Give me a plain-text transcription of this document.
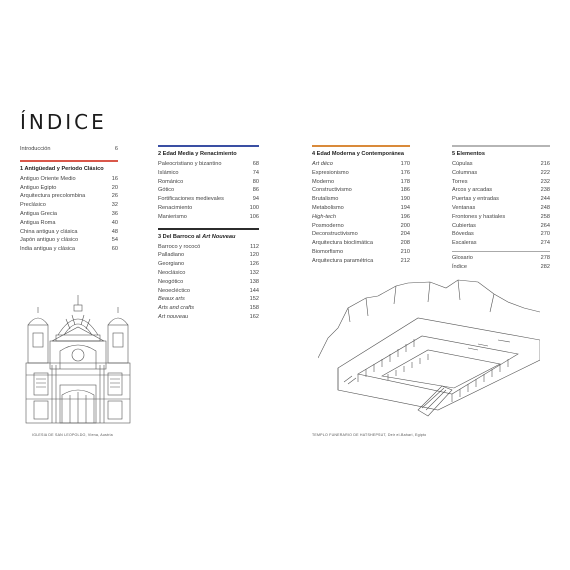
ÍNDICE
Introducción	6
1 Antigüedad y Periodo Clásico
Antiguo Oriente Medio	16
Antiguo Egipto	20
Arquitectura precolombina	26
Preclásico	32
Antigua Grecia	36
Antigua Roma	40
China antigua y clásica	48
Japón antiguo y clásico	54
India antigua y clásica	60
2 Edad Media y Renacimiento
Paleocristiano y bizantino	68
Islámico	74
Románico	80
Gótico	86
Fortificaciones medievales	94
Renacimiento	100
Manierismo	106
3 Del Barroco al Art Nouveau
Barroco y rococó	112
Palladiano	120
Georgiano	126
Neoclásico	132
Neogótico	138
Neoecléctico	144
Beaux arts	152
Arts and crafts	158
Art nouveau	162
4 Edad Moderna y Contemporánea
Art déco	170
Expresionismo	176
Moderno	178
Constructivismo	186
Brutalismo	190
Metabolismo	194
High-tech	196
Posmoderno	200
Deconstructivismo	204
Arquitectura bioclimática	208
Biomorfismo	210
Arquitectura paramétrica	212
5 Elementos
Cúpulas	216
Columnas	222
Torres	232
Arcos y arcadas	238
Puertas y entradas	244
Ventanas	248
Frontones y hastiales	258
Cubiertas	264
Bóvedas	270
Escaleras	274
Glosario	278
Índice	282
IGLESIA DE SAN LEOPOLDO, Viena, Austria	TEMPLO FUNERARIO DE HATSHEPSUT, Deir el-Bahari, Egipto
